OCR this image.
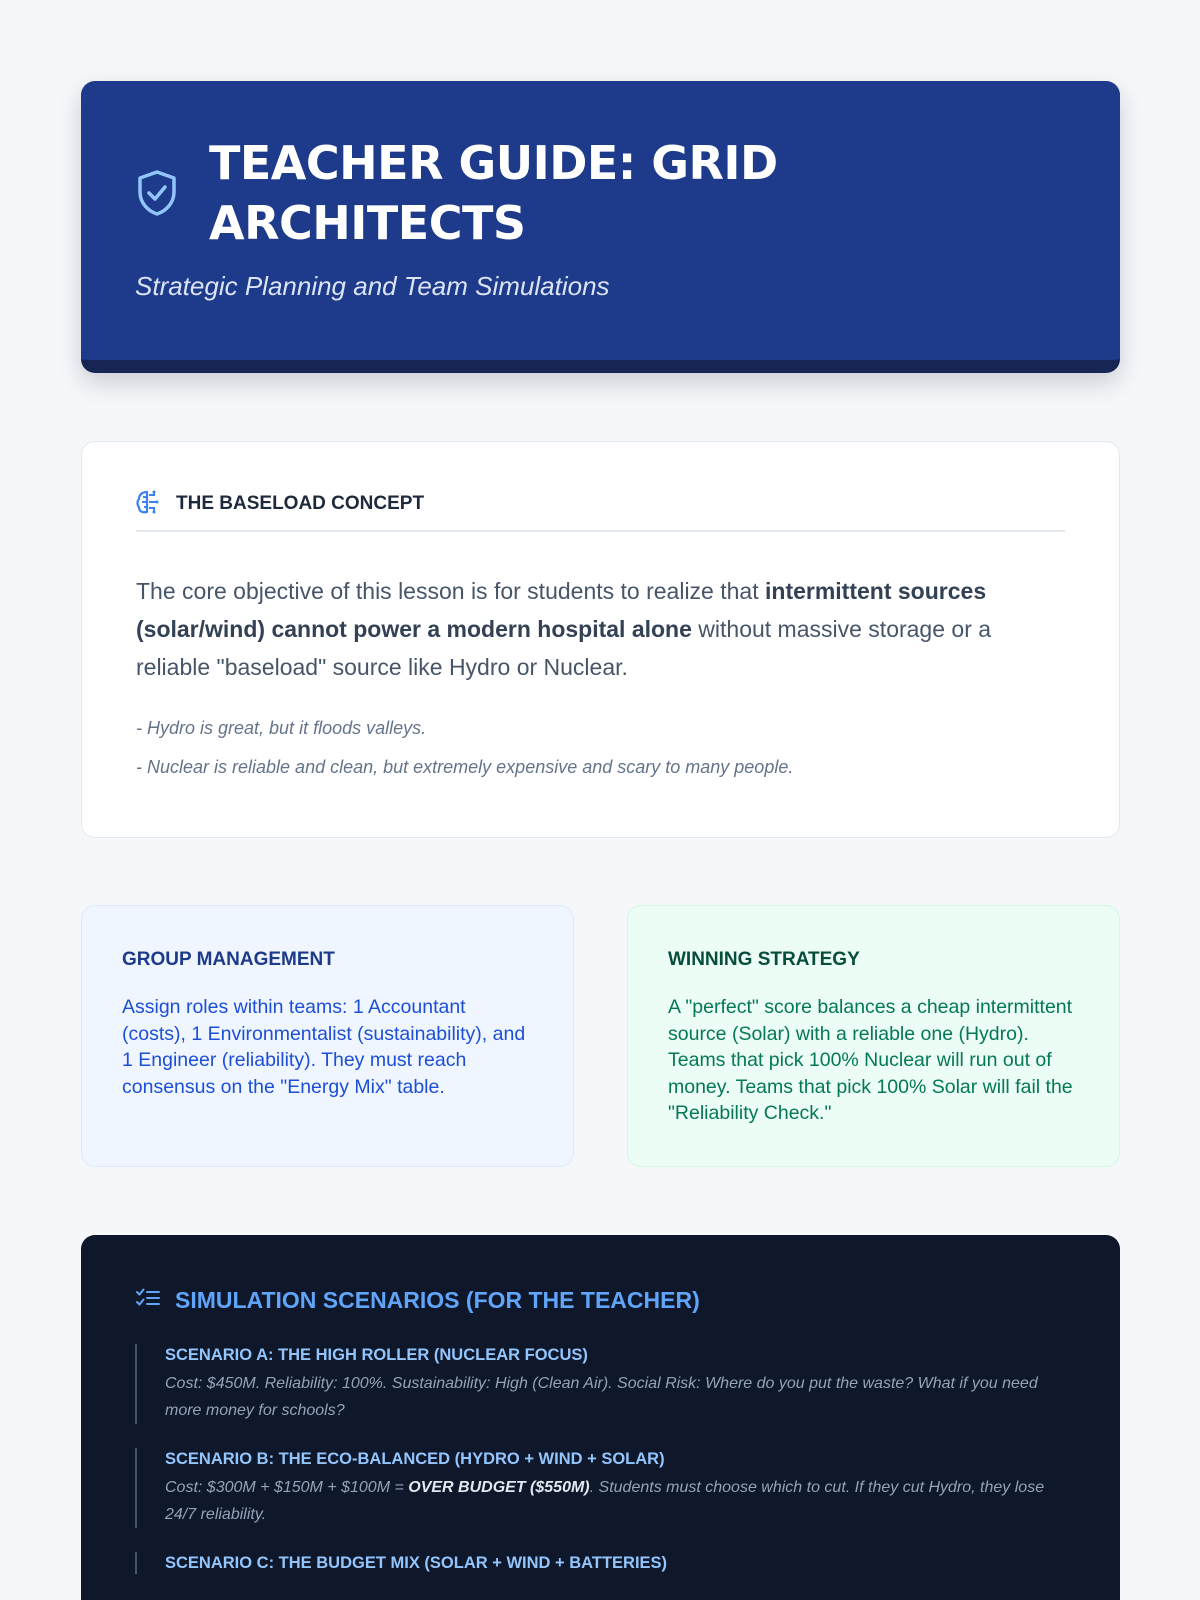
TEACHER GUIDE: GRID ARCHITECTS
Strategic Planning and Team Simulations
THE BASELOAD CONCEPT

The core objective of this lesson is for students to realize that intermittent sources (solar/wind) cannot power a modern hospital alone without massive storage or a reliable "baseload" source like Hydro or Nuclear.

- Hydro is great, but it floods valleys.

- Nuclear is reliable and clean, but extremely expensive and scary to many people.

GROUP MANAGEMENT

Assign roles within teams: 1 Accountant (costs), 1 Environmentalist (sustainability), and 1 Engineer (reliability). They must reach consensus on the "Energy Mix" table.

WINNING STRATEGY

A "perfect" score balances a cheap intermittent source (Solar) with a reliable one (Hydro). Teams that pick 100% Nuclear will run out of money. Teams that pick 100% Solar will fail the "Reliability Check."

SIMULATION SCENARIOS (FOR THE TEACHER)
SCENARIO A: THE HIGH ROLLER (NUCLEAR FOCUS)
Cost: $450M. Reliability: 100%. Sustainability: High (Clean Air). Social Risk: Where do you put the waste? What if you need more money for schools?
SCENARIO B: THE ECO-BALANCED (HYDRO + WIND + SOLAR)
Cost: $300M + $150M + $100M = OVER BUDGET ($550M). Students must choose which to cut. If they cut Hydro, they lose 24/7 reliability.
SCENARIO C: THE BUDGET MIX (SOLAR + WIND + BATTERIES)
